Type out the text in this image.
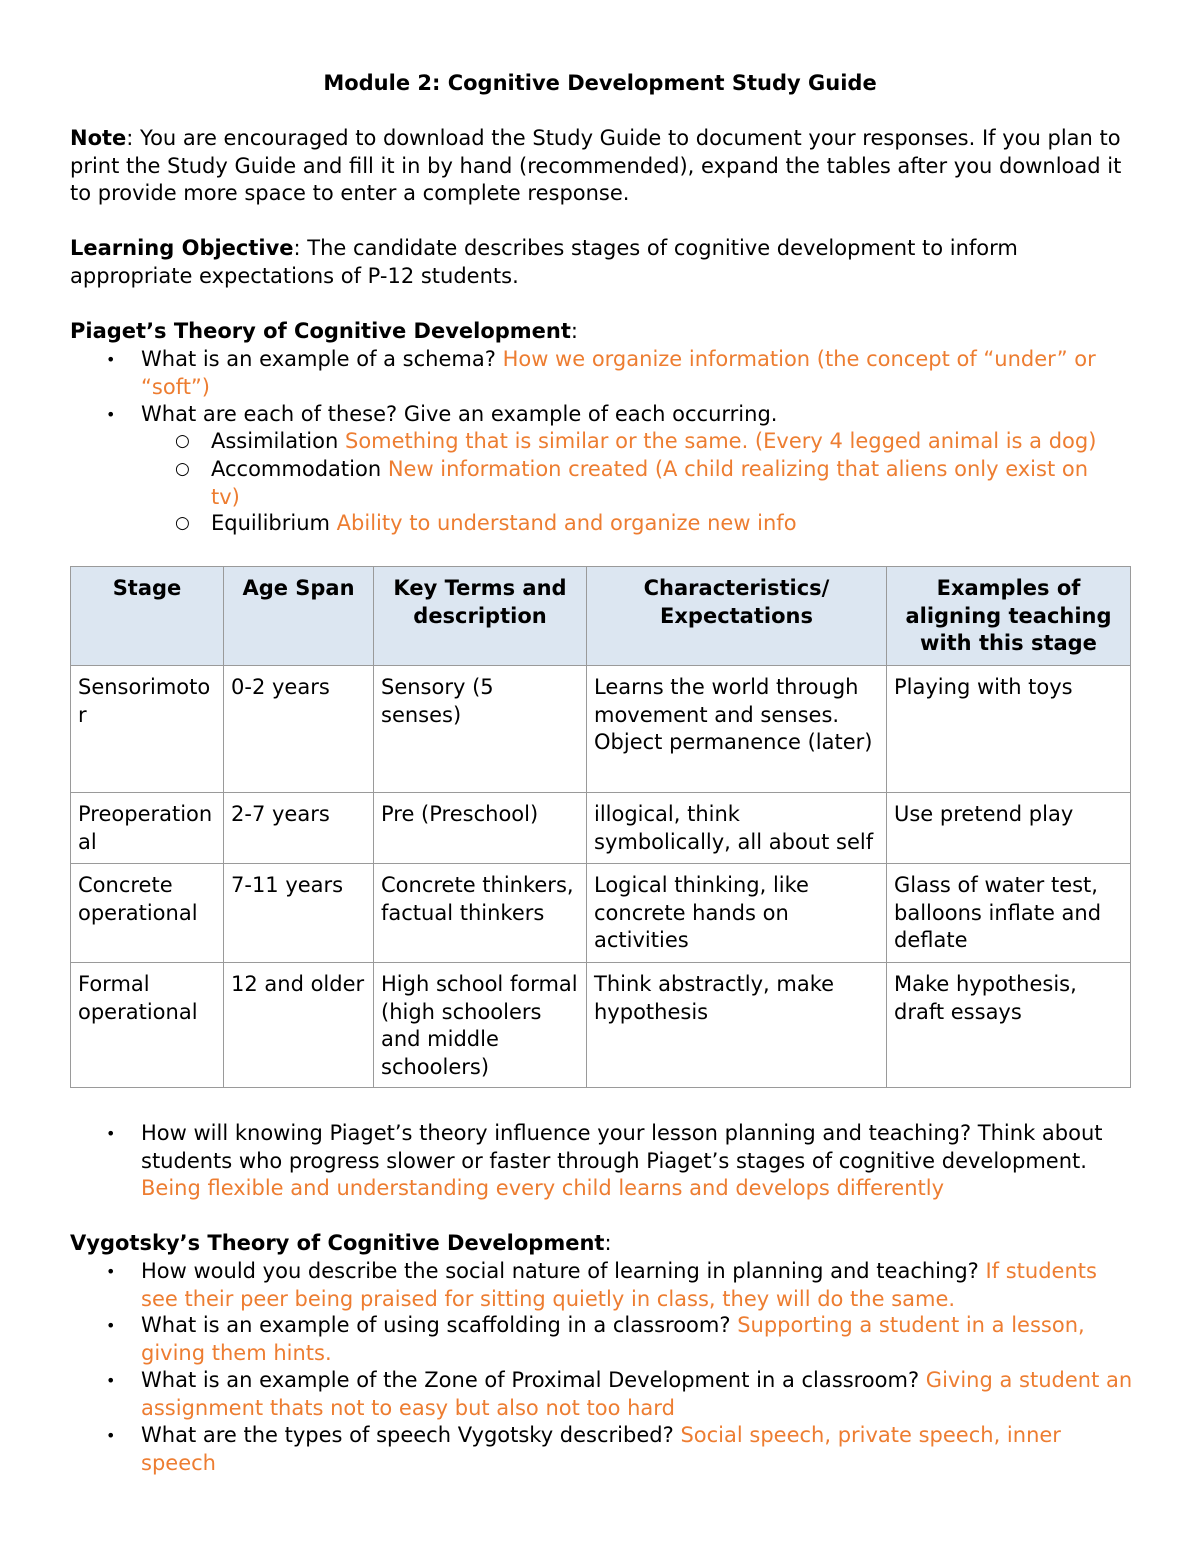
Module 2: Cognitive Development Study Guide
Note: You are encouraged to download the Study Guide to document your responses. If you plan to print the Study Guide and fill it in by hand (recommended), expand the tables after you download it to provide more space to enter a complete response.
Learning Objective: The candidate describes stages of cognitive development to inform appropriate expectations of P-12 students.
Piaget’s Theory of Cognitive Development:
• What is an example of a schema? How we organize information (the concept of “under” or “soft”)
• What are each of these? Give an example of each occurring.
○ Assimilation Something that is similar or the same. (Every 4 legged animal is a dog)
○ Accommodation New information created (A child realizing that aliens only exist on tv)
○ Equilibrium Ability to understand and organize new info
Stage	Age Span	Key Terms and description	Characteristics/ Expectations	Examples of aligning teaching with this stage
Sensorimotor	0-2 years	Sensory (5 senses)	Learns the world through movement and senses. Object permanence (later)	Playing with toys
Preoperational	2-7 years	Pre (Preschool)	illogical, think symbolically, all about self	Use pretend play
Concrete operational	7-11 years	Concrete thinkers, factual thinkers	Logical thinking, like concrete hands on activities	Glass of water test, balloons inflate and deflate
Formal operational	12 and older	High school formal (high schoolers and middle schoolers)	Think abstractly, make hypothesis	Make hypothesis, draft essays
• How will knowing Piaget’s theory influence your lesson planning and teaching? Think about students who progress slower or faster through Piaget’s stages of cognitive development. Being flexible and understanding every child learns and develops differently
Vygotsky’s Theory of Cognitive Development:
• How would you describe the social nature of learning in planning and teaching? If students see their peer being praised for sitting quietly in class, they will do the same.
• What is an example of using scaffolding in a classroom? Supporting a student in a lesson, giving them hints.
• What is an example of the Zone of Proximal Development in a classroom? Giving a student an assignment thats not to easy but also not too hard
• What are the types of speech Vygotsky described? Social speech, private speech, inner speech
